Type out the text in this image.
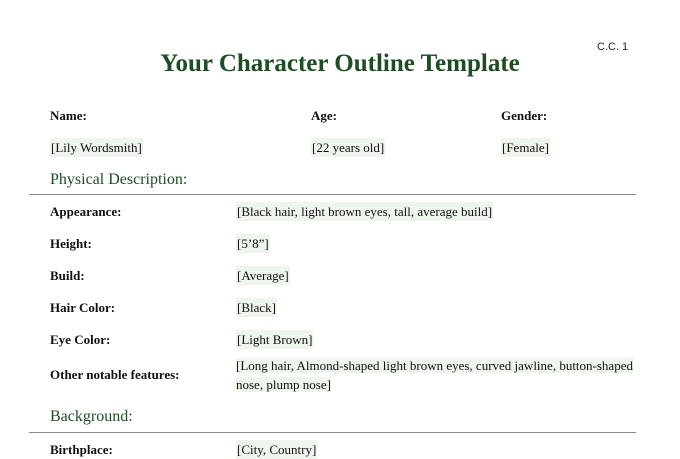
C.C. 1
Your Character Outline Template
Name:	Age:	Gender:
[Lily Wordsmith]	[22 years old]	[Female]
Physical Description:
Appearance:	[Black hair, light brown eyes, tall, average build]
Height:	[5’8”]
Build:	[Average]
Hair Color:	[Black]
Eye Color:	[Light Brown]
Other notable features:
[Long hair, Almond-shaped light brown eyes, curved jawline, button-shaped nose, plump nose]
Background:
Birthplace:	[City, Country]
